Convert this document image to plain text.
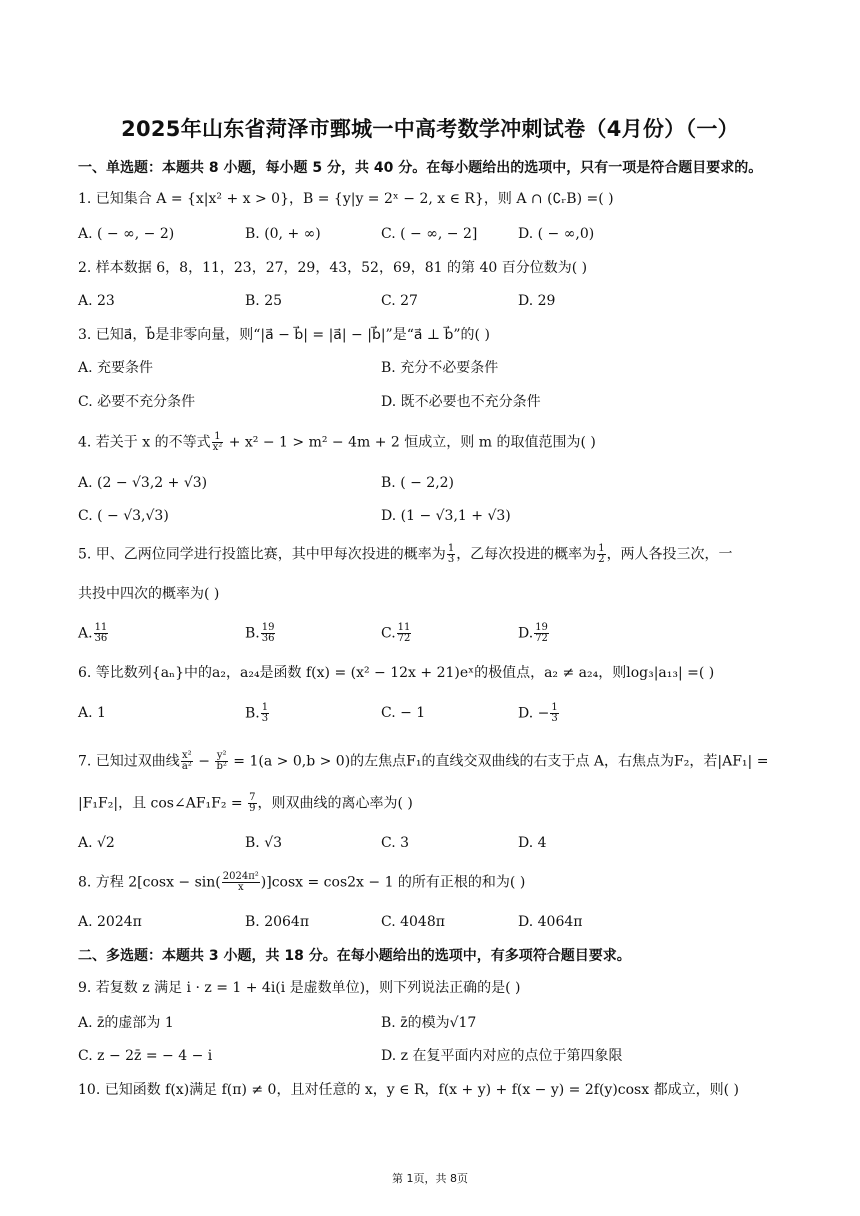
2025年山东省菏泽市鄄城一中高考数学冲刺试卷（4月份）（一）
一、单选题：本题共 8 小题，每小题 5 分，共 40 分。在每小题给出的选项中，只有一项是符合题目要求的。
1. 已知集合 A = {x|x² + x > 0}，B = {y|y = 2ˣ − 2, x ∈ R}，则 A ∩ (∁ᵣB) =( )
A. ( − ∞, − 2)	B. (0, + ∞)	C. ( − ∞, − 2]	D. ( − ∞,0)
2. 样本数据 6，8，11，23，27，29，43，52，69，81 的第 40 百分位数为( )
A. 23	B. 25	C. 27	D. 29
3. 已知a⃗，b⃗是非零向量，则“|a⃗ − b⃗| = |a⃗| − |b⃗|”是“a⃗ ⊥ b⃗”的( )
A. 充要条件	B. 充分不必要条件
C. 必要不充分条件	D. 既不必要也不充分条件
4. 若关于 x 的不等式 $\frac{1}{\text{x²}} + x^2 - 1 > m^2 - 4m + 2$ 恒成立，则 m 的取值范围为( )
A. (2 − √3,2 + √3)	B. ( − 2,2)
C. ( − √3,√3)	D. (1 − √3,1 + √3)
5. 甲、乙两位同学进行投篮比赛，其中甲每次投进的概率为 $\frac{1}{3}$ ，乙每次投进的概率为 $\frac{1}{2}$ ，两人各投三次，一
共投中四次的概率为( )
A. $\frac{11}{36}$	B. $\frac{19}{36}$	C. $\frac{11}{72}$	D. $\frac{19}{72}$
6. 等比数列{aₙ}中的a₂，a₂₄是函数 f(x) = (x² − 12x + 21)eˣ的极值点，a₂ ≠ a₂₄，则log₃|a₁₃| =( )
A. 1	B. $\frac{1}{3}$	C. − 1	D. − $\frac{1}{3}$
7. 已知过双曲线 $\frac{\text{x²}}{\text{a²}} - \frac{\text{y²}}{\text{b²}} = 1(a > 0,b > 0)$的左焦点F₁的直线交双曲线的右支于点 A，右焦点为F₂，若|AF₁| =
|F₁F₂|，且 cos∠AF₁F₂ = $\frac{7}{9}$ ，则双曲线的离心率为( )
A. √2	B. √3	C. 3	D. 4
8. 方程 $2[\cos x - \sin( \frac{\text{2024π²}}{x} )]\cos x = \cos 2x - 1$ 的所有正根的和为( )
A. 2024π	B. 2064π	C. 4048π	D. 4064π
二、多选题：本题共 3 小题，共 18 分。在每小题给出的选项中，有多项符合题目要求。
9. 若复数 z 满足 i · z = 1 + 4i(i 是虚数单位)，则下列说法正确的是( )
A. z̄的虚部为 1	B. z̄的模为√17
C. z − 2z̄ = − 4 − i	D. z 在复平面内对应的点位于第四象限
10. 已知函数 f(x)满足 f(π) ≠ 0，且对任意的 x，y ∈ R，f(x + y) + f(x − y) = 2f(y)cosx 都成立，则( )
第 1页，共 8页
